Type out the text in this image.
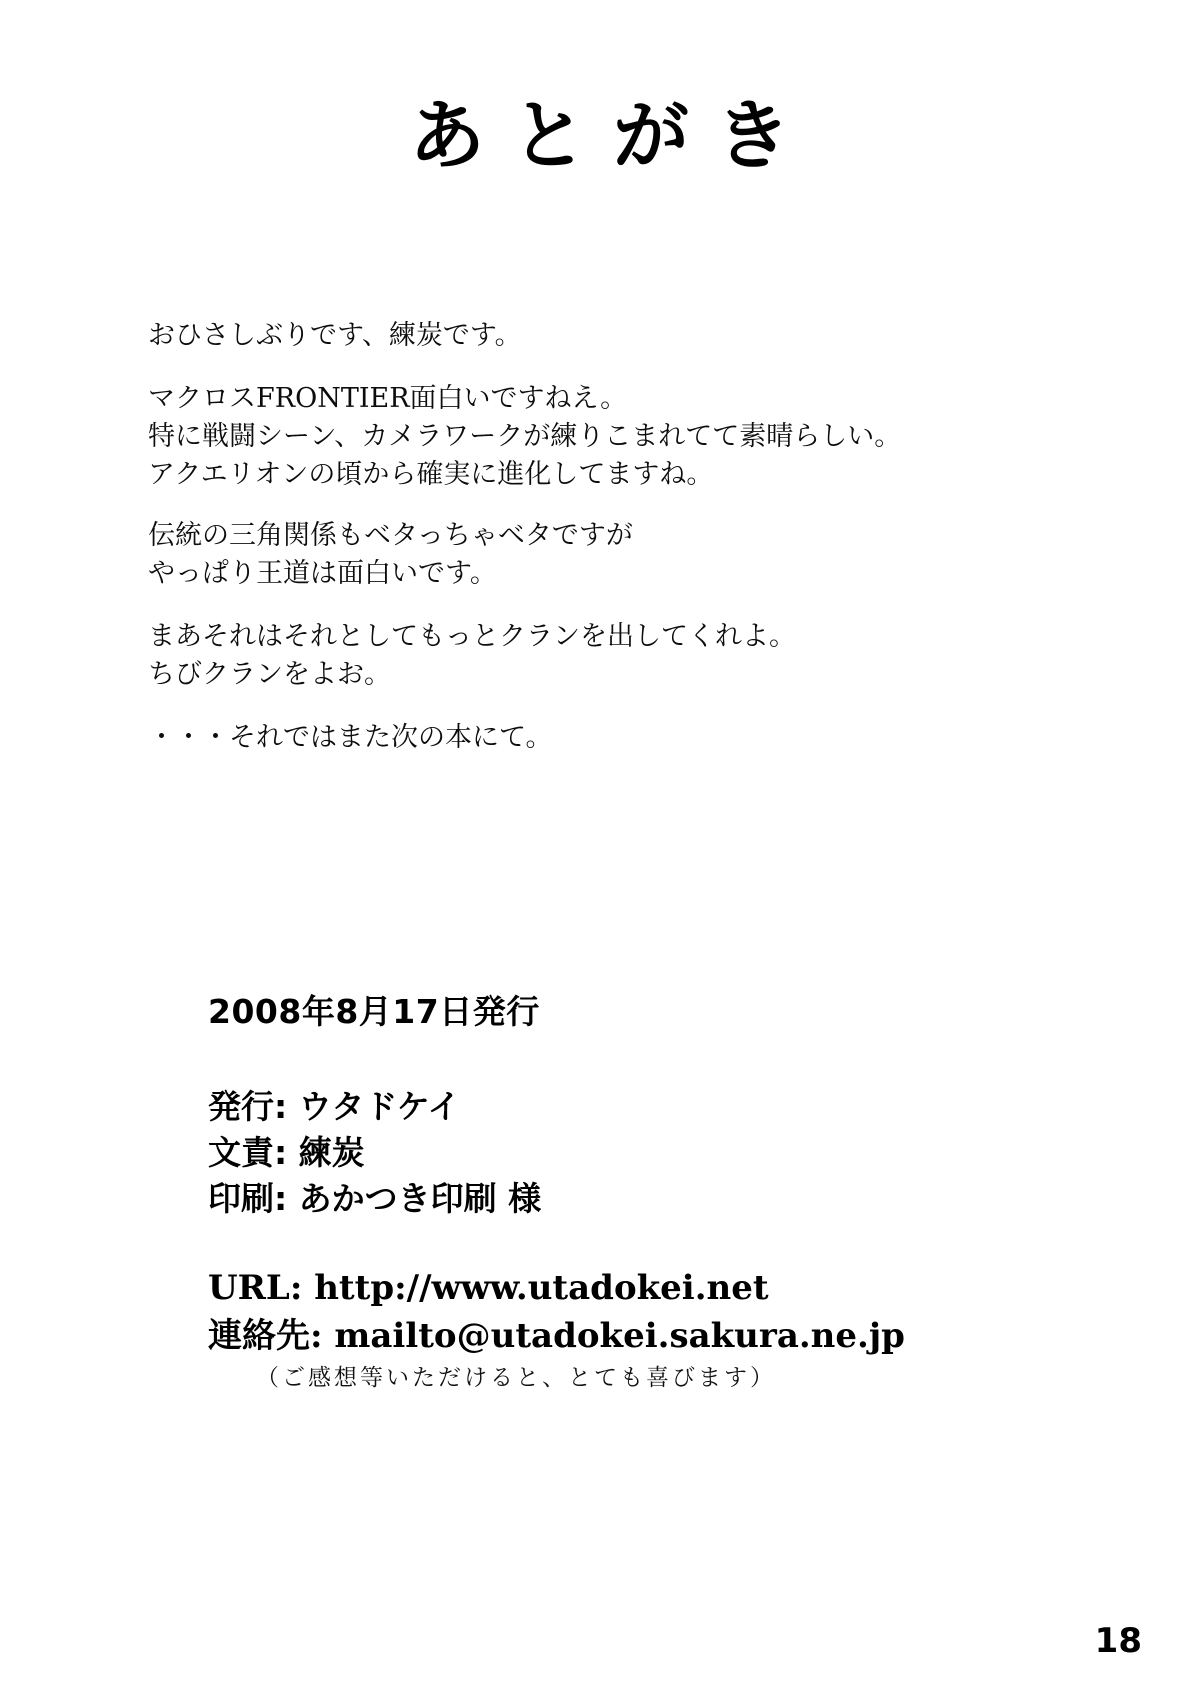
あとがき

おひさしぶりです、練炭です。

マクロスFRONTIER面白いですねえ。
特に戦闘シーン、カメラワークが練りこまれてて素晴らしい。
アクエリオンの頃から確実に進化してますね。

伝統の三角関係もベタっちゃベタですが
やっぱり王道は面白いです。

まあそれはそれとしてもっとクランを出してくれよ。
ちびクランをよお。

・・・それではまた次の本にて。

2008年8月17日発行
発行: ウタドケイ
文責: 練炭
印刷: あかつき印刷 様
URL: http://www.utadokei.net
連絡先: mailto@utadokei.sakura.ne.jp
（ご感想等いただけると、とても喜びます）
18
